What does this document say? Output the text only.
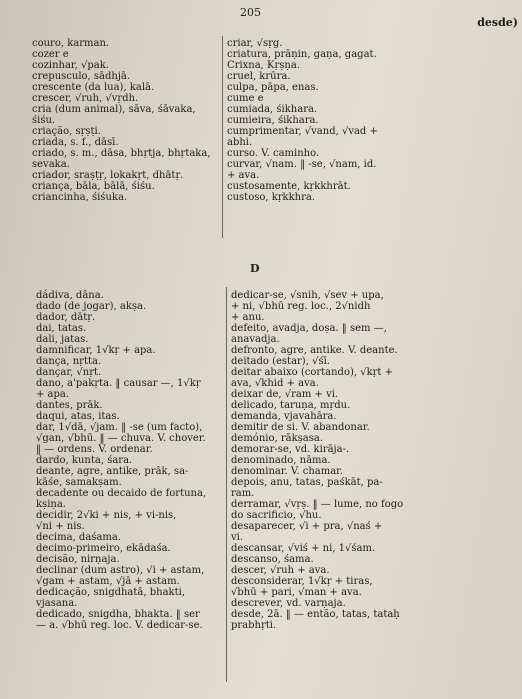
205
desde)
couro, karman.
cozer e
cozinhar, √pak.
crepusculo, sādhjā.
crescente (da lua), kalā.
crescer, √ruh, √vṛdh.
cria (dum animal), sāva, śāvaka,
śiśu.
criação, sṛṣṭi.
criada, s. f., dāsī.
criado, s. m., dāsa, bhṛtja, bhṛtaka,
sevaka.
criador, sraṣṭṛ, lokakṛt, dhātṛ.
criança, bāla, bālā, śiśu.
criancinha, śiśuka.
criar, √sṛg.
criatura, prāṇin, gaṇa, gagat.
Crixna, Kṛṣṇa.
cruel, krūra.
culpa, pāpa, enas.
cume e
cumiada, śikhara.
cumieira, śikhara.
cumprimentar, √vand, √vad +
abhi.
curso. V. caminho.
curvar, √nam. ‖ -se, √nam, id.
+ ava.
custosamente, kṛkkhrāt.
custoso, kṛkkhra.
D
dádiva, dāna.
dado (de jogar), akṣa.
dador, dātṛ.
dai, tatas.
dali, jatas.
damnificar, 1√kṛ + apa.
dança, nṛtta.
dançar, √nṛt.
dano, a'pakṛta. ‖ causar —, 1√kṛ
+ apa.
dantes, prāk.
daqui, atas, itas.
dar, 1√dā, √jam. ‖ -se (um facto),
√gan, √bhū. ‖ — chuva. V. chover.
‖ — ordens. V. ordenar.
dardo, kunta, śara.
deante, agre, antike, prāk, sa-
kāśe, samakṣam.
decadente ou decaido de fortuna,
kṣiṇa.
decidir, 2√ki + nis, + vi-nis,
√ni + nis.
decima, daśama.
decimo-primeiro, ekādaśa.
decisão, nirṇaja.
declinar (dum astro), √i + astam,
√gam + astam, √jā + astam.
dedicação, snigdhatā, bhakti,
vjasana.
dedicado, snigdha, bhakta. ‖ ser
— a. √bhū reg. loc. V. dedicar-se.
dedicar-se, √snih, √sev + upa,
+ ni, √bhū reg. loc., 2√nidh
+ anu.
defeito, avadja, doṣa. ‖ sem —,
anavadja.
defronto, agre, antike. V. deante.
deitado (estar), √śī.
deitar abaixo (cortando), √kṛt +
ava, √khid + ava.
deixar de, √ram + vi.
delicado, taruṇa, mṛdu.
demanda, vjavahāra.
demitir de si. V. abandonar.
demónio, rākṣasa.
demorar-se, vd. kirāja-.
denominado, nāma.
denominar. V. chamar.
depois, anu, tatas, paśkāt, pa-
ram.
derramar, √vṛṣ. ‖ — lume, no fogo
do sacrificio, √hu.
desaparecer, √i + pra, √naś +
vi.
descansar, √viś + ni, 1√śam.
descanso, śama.
descer, √ruh + ava.
desconsiderar, 1√kṛ + tiras,
√bhū + pari, √man + ava.
descrever, vd. varṇaja.
desde, 2ā. ‖ — então, tatas, tataḥ
prabhṛti.
